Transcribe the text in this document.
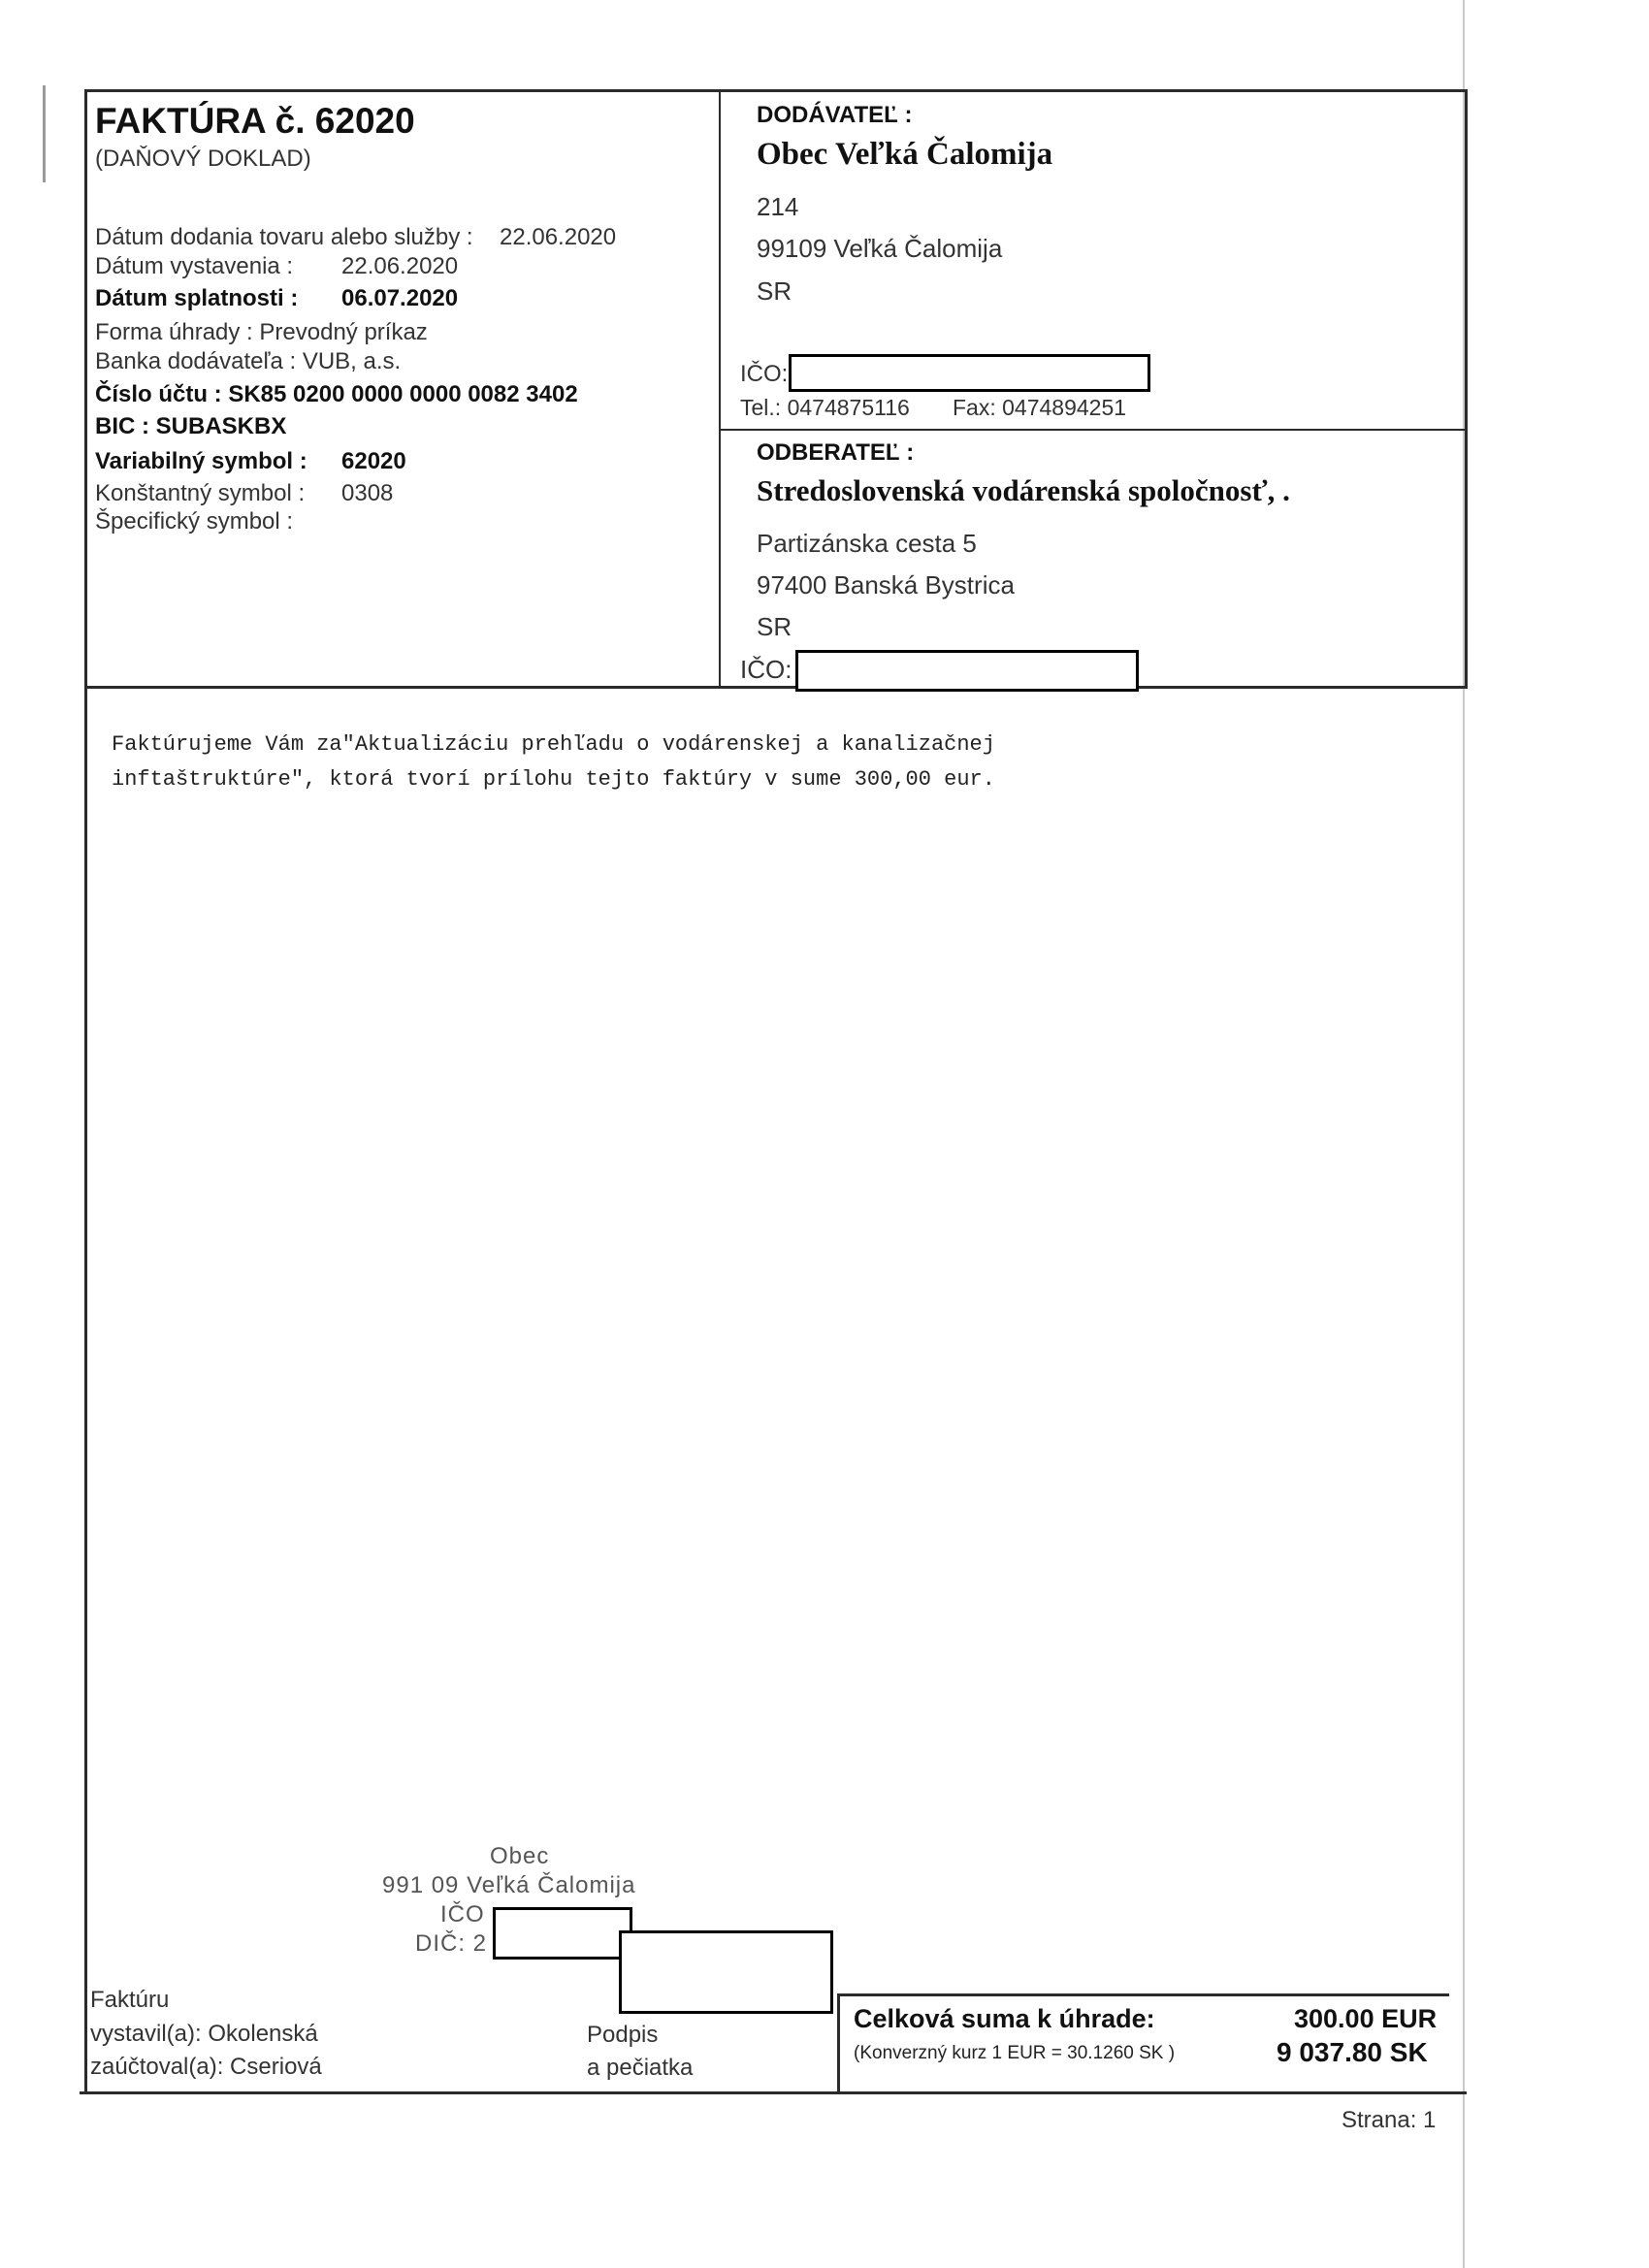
FAKTÚRA č. 62020
(DAŇOVÝ DOKLAD)
Dátum dodania tovaru alebo služby : 22.06.2020
Dátum vystavenia : 22.06.2020
Dátum splatnosti : 06.07.2020
Forma úhrady : Prevodný príkaz
Banka dodávateľa : VUB, a.s.
Číslo účtu : SK85 0200 0000 0000 0082 3402
BIC : SUBASKBX
Variabilný symbol : 62020
Konštantný symbol : 0308
Špecifický symbol :
DODÁVATEĽ :
Obec Veľká Čalomija
214
99109 Veľká Čalomija
SR
IČO:
Tel.: 0474875116 Fax: 0474894251
ODBERATEĽ :
Stredoslovenská vodárenská spoločnosť, .
Partizánska cesta 5
97400 Banská Bystrica
SR
IČO:
Faktúrujeme Vám za"Aktualizáciu prehľadu o vodárenskej a kanalizačnej
inftaštruktúre", ktorá tvorí prílohu tejto faktúry v sume 300,00 eur.
Obec
991 09 Veľká Čalomija
IČO
DIČ: 2
Faktúru
vystavil(a): Okolenská
zaúčtoval(a): Cseriová
Podpis
a pečiatka
Celková suma k úhrade:
(Konverzný kurz 1 EUR = 30.1260 SK )
300.00 EUR
9 037.80 SK
Strana: 1
